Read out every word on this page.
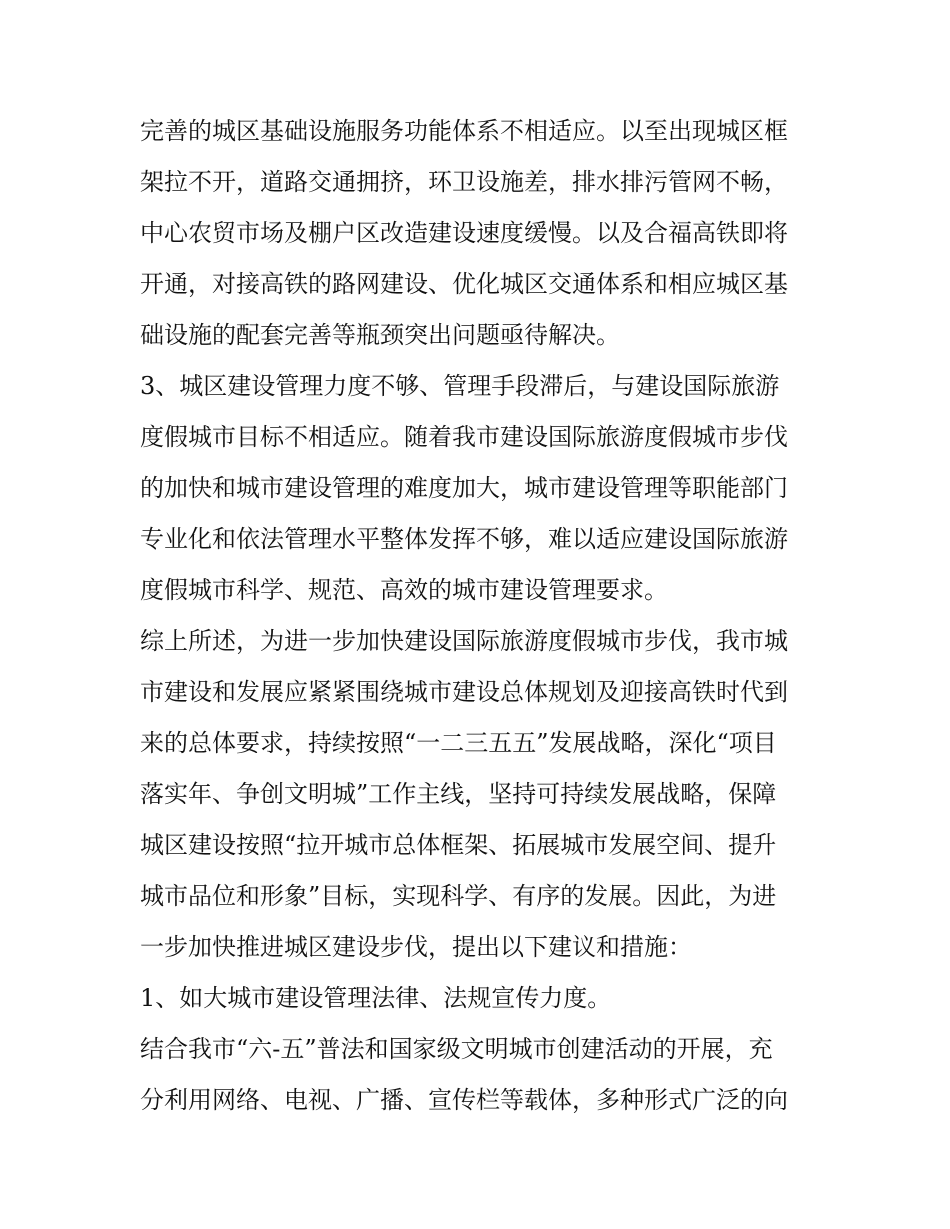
完善的城区基础设施服务功能体系不相适应。以至出现城区框
架拉不开，道路交通拥挤，环卫设施差，排水排污管网不畅，
中心农贸市场及棚户区改造建设速度缓慢。以及合福高铁即将
开通，对接高铁的路网建设、优化城区交通体系和相应城区基
础设施的配套完善等瓶颈突出问题亟待解决。
3、城区建设管理力度不够、管理手段滞后，与建设国际旅游
度假城市目标不相适应。随着我市建设国际旅游度假城市步伐
的加快和城市建设管理的难度加大，城市建设管理等职能部门
专业化和依法管理水平整体发挥不够，难以适应建设国际旅游
度假城市科学、规范、高效的城市建设管理要求。
综上所述，为进一步加快建设国际旅游度假城市步伐，我市城
市建设和发展应紧紧围绕城市建设总体规划及迎接高铁时代到
来的总体要求，持续按照“一二三五五”发展战略，深化“项目
落实年、争创文明城”工作主线，坚持可持续发展战略，保障
城区建设按照“拉开城市总体框架、拓展城市发展空间、提升
城市品位和形象”目标，实现科学、有序的发展。因此，为进
一步加快推进城区建设步伐，提出以下建议和措施：
1、如大城市建设管理法律、法规宣传力度。
结合我市“六-五”普法和国家级文明城市创建活动的开展，充
分利用网络、电视、广播、宣传栏等载体，多种形式广泛的向
